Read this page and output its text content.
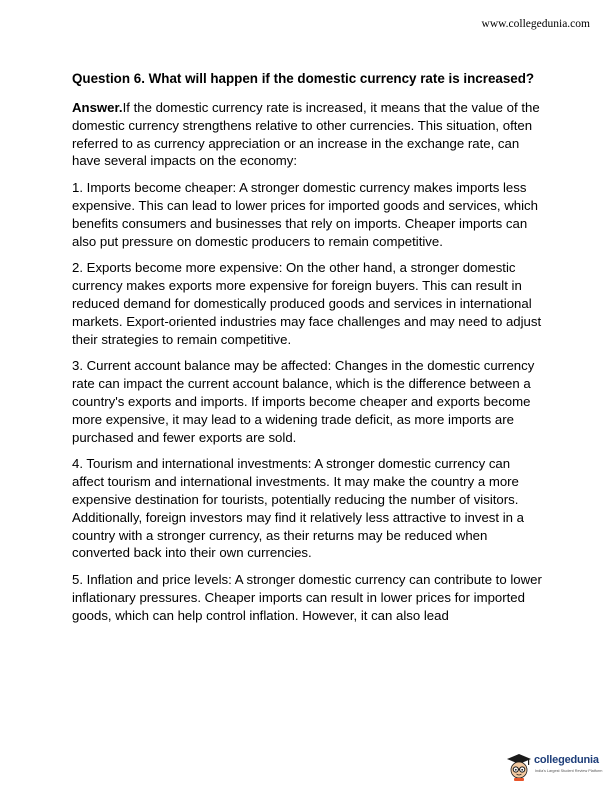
www.collegedunia.com

Question 6. What will happen if the domestic currency rate is increased?

Answer.If the domestic currency rate is increased, it means that the value of the domestic currency strengthens relative to other currencies. This situation, often referred to as currency appreciation or an increase in the exchange rate, can have several impacts on the economy:

1. Imports become cheaper: A stronger domestic currency makes imports less expensive. This can lead to lower prices for imported goods and services, which benefits consumers and businesses that rely on imports. Cheaper imports can also put pressure on domestic producers to remain competitive.

2. Exports become more expensive: On the other hand, a stronger domestic currency makes exports more expensive for foreign buyers. This can result in reduced demand for domestically produced goods and services in international markets. Export-oriented industries may face challenges and may need to adjust their strategies to remain competitive.

3. Current account balance may be affected: Changes in the domestic currency rate can impact the current account balance, which is the difference between a country's exports and imports. If imports become cheaper and exports become more expensive, it may lead to a widening trade deficit, as more imports are purchased and fewer exports are sold.

4. Tourism and international investments: A stronger domestic currency can affect tourism and international investments. It may make the country a more expensive destination for tourists, potentially reducing the number of visitors. Additionally, foreign investors may find it relatively less attractive to invest in a country with a stronger currency, as their returns may be reduced when converted back into their own currencies.

5. Inflation and price levels: A stronger domestic currency can contribute to lower inflationary pressures. Cheaper imports can result in lower prices for imported goods, which can help control inflation. However, it can also lead

collegedunia
India's Largest Student Review Platform
